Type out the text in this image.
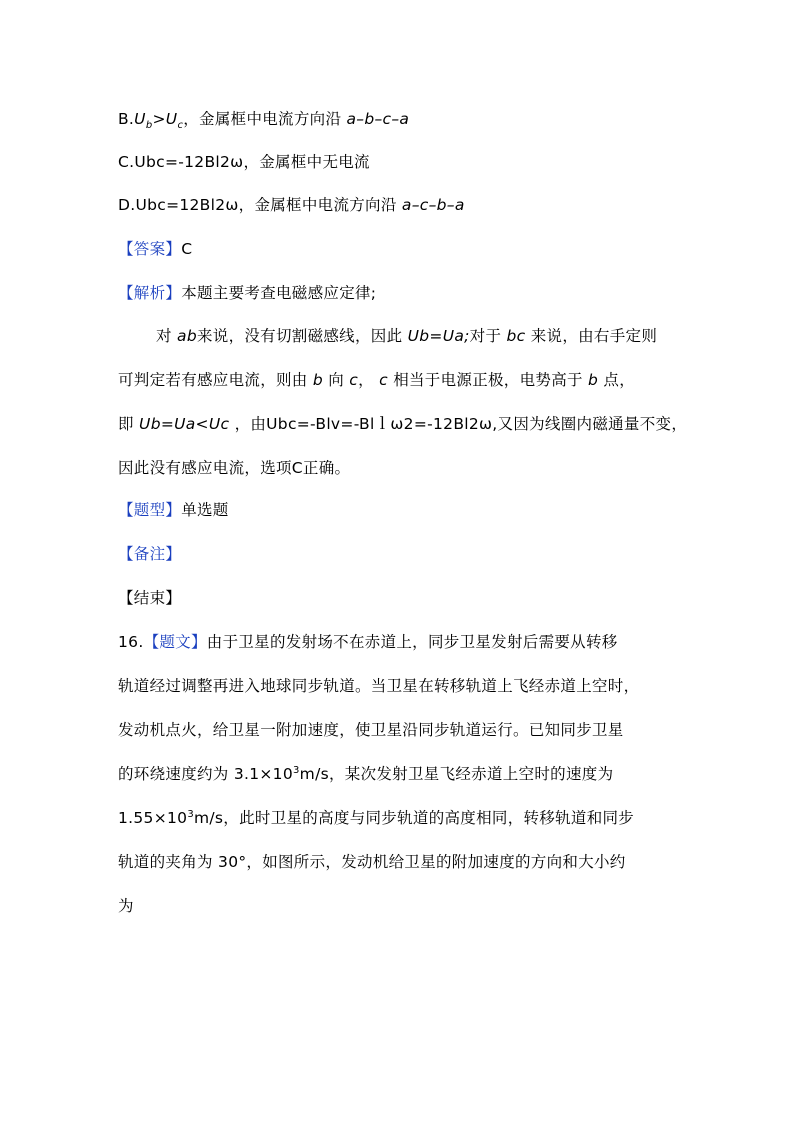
$B.U_b>U_c$，金属框中电流方向沿 a–b–c–a
C.Ubc=-12Bl2ω，金属框中无电流
D.Ubc=12Bl2ω，金属框中电流方向沿 a–c–b–a
【答案】C
【解析】本题主要考查电磁感应定律;
对 ab来说，没有切割磁感线，因此 Ub=Ua;对于 bc 来说，由右手定则
可判定若有感应电流，则由 b 向 c， c 相当于电源正极，电势高于 b 点，
即 Ub=Ua<Uc ，由Ubc=-Blv=-Blｌω2=-12Bl2ω,又因为线圈内磁通量不变，
因此没有感应电流，选项C正确。
【题型】单选题
【备注】
【结束】
16.【题文】由于卫星的发射场不在赤道上，同步卫星发射后需要从转移
轨道经过调整再进入地球同步轨道。当卫星在转移轨道上飞经赤道上空时，
发动机点火，给卫星一附加速度，使卫星沿同步轨道运行。已知同步卫星
的环绕速度约为 $3.1\times 10^3m/s$，某次发射卫星飞经赤道上空时的速度为
$1.55\times 10^3m/s$，此时卫星的高度与同步轨道的高度相同，转移轨道和同步
轨道的夹角为 30°，如图所示，发动机给卫星的附加速度的方向和大小约
为
